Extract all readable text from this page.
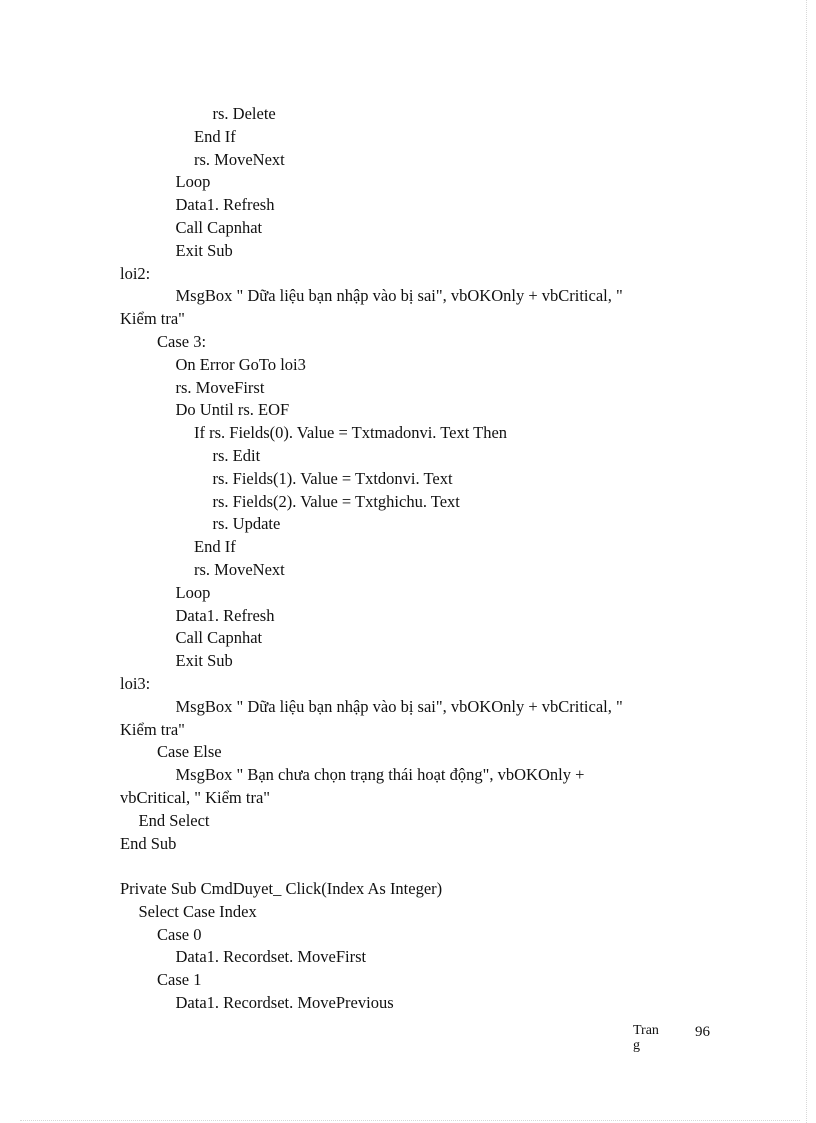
rs. Delete
End If
rs. MoveNext
Loop
Data1. Refresh
Call Capnhat
Exit Sub
loi2:
MsgBox " Dữa liệu bạn nhập vào bị sai", vbOKOnly + vbCritical, "
Kiểm tra"
Case 3:
On Error GoTo loi3
rs. MoveFirst
Do Until rs. EOF
If rs. Fields(0). Value = Txtmadonvi. Text Then
rs. Edit
rs. Fields(1). Value = Txtdonvi. Text
rs. Fields(2). Value = Txtghichu. Text
rs. Update
End If
rs. MoveNext
Loop
Data1. Refresh
Call Capnhat
Exit Sub
loi3:
MsgBox " Dữa liệu bạn nhập vào bị sai", vbOKOnly + vbCritical, "
Kiểm tra"
Case Else
MsgBox " Bạn chưa chọn trạng thái hoạt động", vbOKOnly +
vbCritical, " Kiểm tra"
End Select
End Sub
Private Sub CmdDuyet_ Click(Index As Integer)
Select Case Index
Case 0
Data1. Recordset. MoveFirst
Case 1
Data1. Recordset. MovePrevious
Trang
96
